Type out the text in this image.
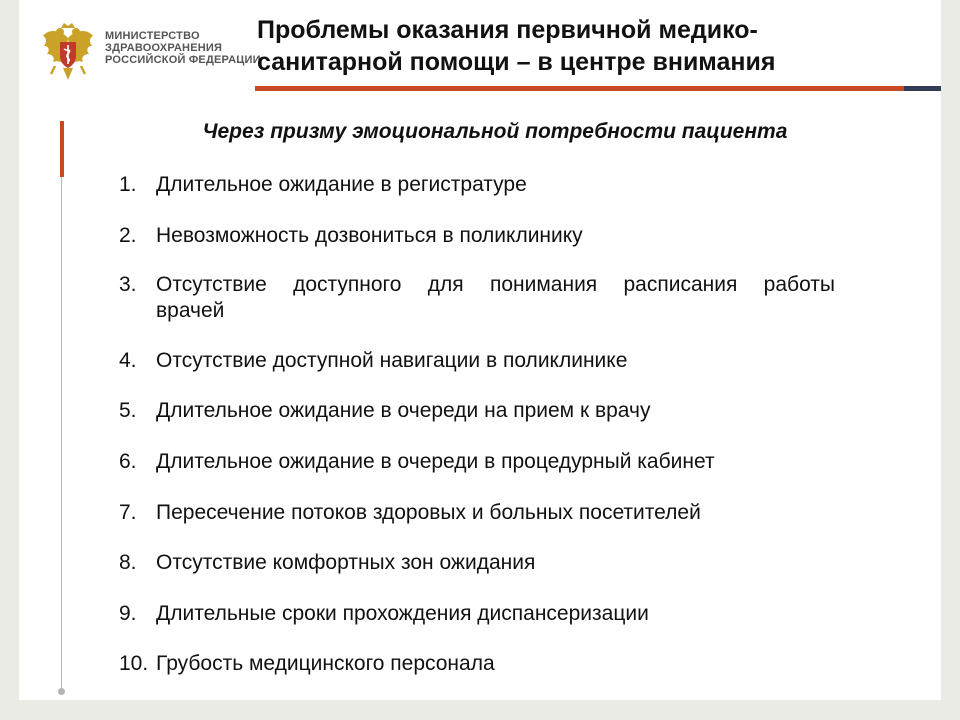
МИНИСТЕРСТВО
ЗДРАВООХРАНЕНИЯ
РОССИЙСКОЙ ФЕДЕРАЦИИ
Проблемы оказания первичной медико-
санитарной помощи – в центре внимания
Через призму эмоциональной потребности пациента
1. Длительное ожидание в регистратуре
2. Невозможность дозвониться в поликлинику
3. Отсутствие доступного для понимания расписания работы
врачей
4. Отсутствие доступной навигации в поликлинике
5. Длительное ожидание в очереди на прием к врачу
6. Длительное ожидание в очереди в процедурный кабинет
7. Пересечение потоков здоровых и больных посетителей
8. Отсутствие комфортных зон ожидания
9. Длительные сроки прохождения диспансеризации
10. Грубость медицинского персонала
